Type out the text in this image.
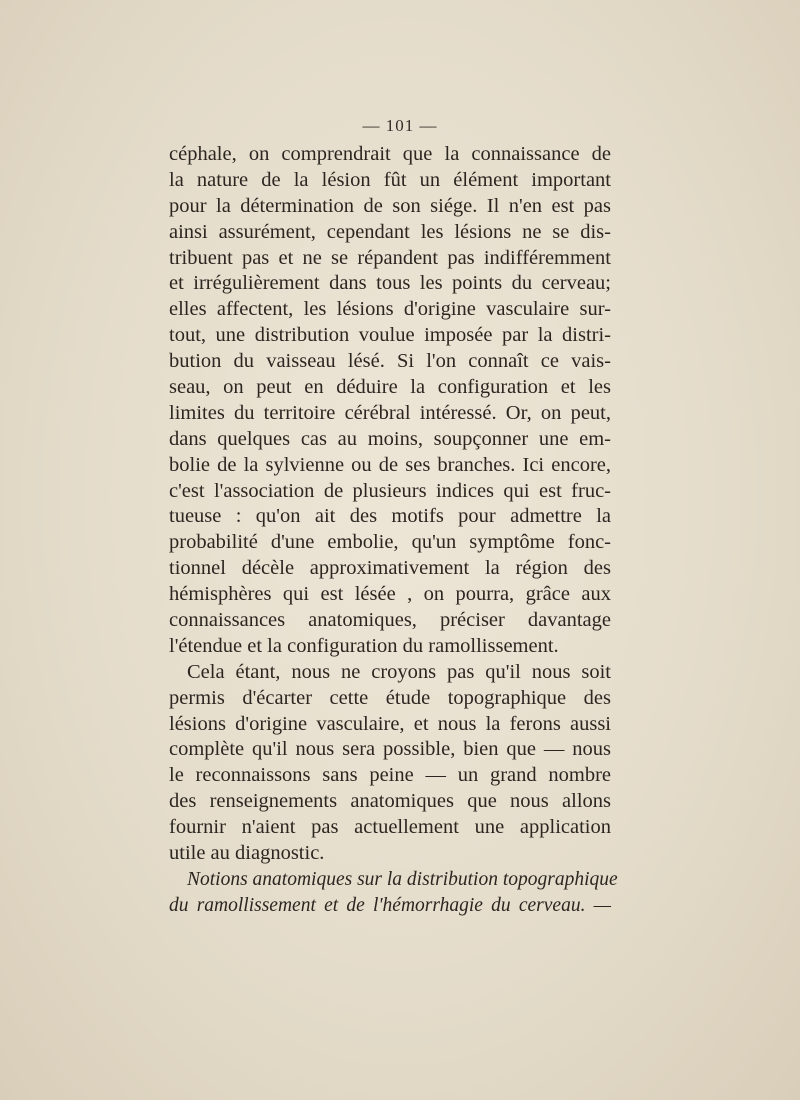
— 101 —
céphale, on comprendrait que la connaissance de
la nature de la lésion fût un élément important
pour la détermination de son siége. Il n'en est pas
ainsi assurément, cependant les lésions ne se dis-
tribuent pas et ne se répandent pas indifféremment
et irrégulièrement dans tous les points du cerveau;
elles affectent, les lésions d'origine vasculaire sur-
tout, une distribution voulue imposée par la distri-
bution du vaisseau lésé. Si l'on connaît ce vais-
seau, on peut en déduire la configuration et les
limites du territoire cérébral intéressé. Or, on peut,
dans quelques cas au moins, soupçonner une em-
bolie de la sylvienne ou de ses branches. Ici encore,
c'est l'association de plusieurs indices qui est fruc-
tueuse : qu'on ait des motifs pour admettre la
probabilité d'une embolie, qu'un symptôme fonc-
tionnel décèle approximativement la région des
hémisphères qui est lésée , on pourra, grâce aux
connaissances anatomiques, préciser davantage
l'étendue et la configuration du ramollissement.
Cela étant, nous ne croyons pas qu'il nous soit
permis d'écarter cette étude topographique des
lésions d'origine vasculaire, et nous la ferons aussi
complète qu'il nous sera possible, bien que — nous
le reconnaissons sans peine — un grand nombre
des renseignements anatomiques que nous allons
fournir n'aient pas actuellement une application
utile au diagnostic.
Notions anatomiques sur la distribution topographique
du ramollissement et de l'hémorrhagie du cerveau. —
